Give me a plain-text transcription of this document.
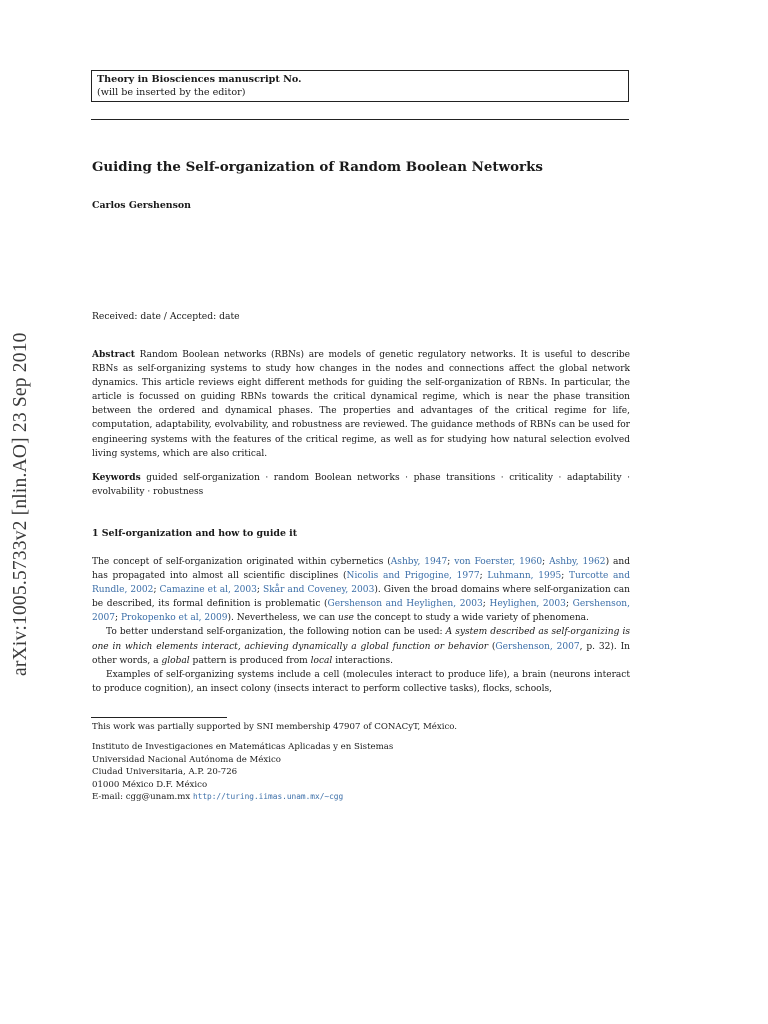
arXiv:1005.5733v2 [nlin.AO] 23 Sep 2010
Theory in Biosciences manuscript No.
(will be inserted by the editor)
Guiding the Self-organization of Random Boolean Networks
Carlos Gershenson
Received: date / Accepted: date
Abstract Random Boolean networks (RBNs) are models of genetic regulatory networks. It is useful to describe RBNs as self-organizing systems to study how changes in the nodes and connections affect the global network dynamics. This article reviews eight different methods for guiding the self-organization of RBNs. In particular, the article is focussed on guiding RBNs towards the critical dynamical regime, which is near the phase transition between the ordered and dynamical phases. The properties and advantages of the critical regime for life, computation, adaptability, evolvability, and robustness are reviewed. The guidance methods of RBNs can be used for engineering systems with the features of the critical regime, as well as for studying how natural selection evolved living systems, which are also critical.
Keywords guided self-organization · random Boolean networks · phase transitions · criticality · adaptability · evolvability · robustness
1 Self-organization and how to guide it

The concept of self-organization originated within cybernetics (Ashby, 1947; von Foerster, 1960; Ashby, 1962) and has propagated into almost all scientific disciplines (Nicolis and Prigogine, 1977; Luhmann, 1995; Turcotte and Rundle, 2002; Camazine et al, 2003; Skår and Coveney, 2003). Given the broad domains where self-organization can be described, its formal definition is problematic (Gershenson and Heylighen, 2003; Heylighen, 2003; Gershenson, 2007; Prokopenko et al, 2009). Nevertheless, we can use the concept to study a wide variety of phenomena.

To better understand self-organization, the following notion can be used: A system described as self-organizing is one in which elements interact, achieving dynamically a global function or behavior (Gershenson, 2007, p. 32). In other words, a global pattern is produced from local interactions.

Examples of self-organizing systems include a cell (molecules interact to produce life), a brain (neurons interact to produce cognition), an insect colony (insects interact to perform collective tasks), flocks, schools,

This work was partially supported by SNI membership 47907 of CONACyT, México.
Instituto de Investigaciones en Matemáticas Aplicadas y en Sistemas
Universidad Nacional Autónoma de México
Ciudad Universitaria, A.P. 20-726
01000 México D.F. México
E-mail: cgg@unam.mx http://turing.iimas.unam.mx/~cgg
